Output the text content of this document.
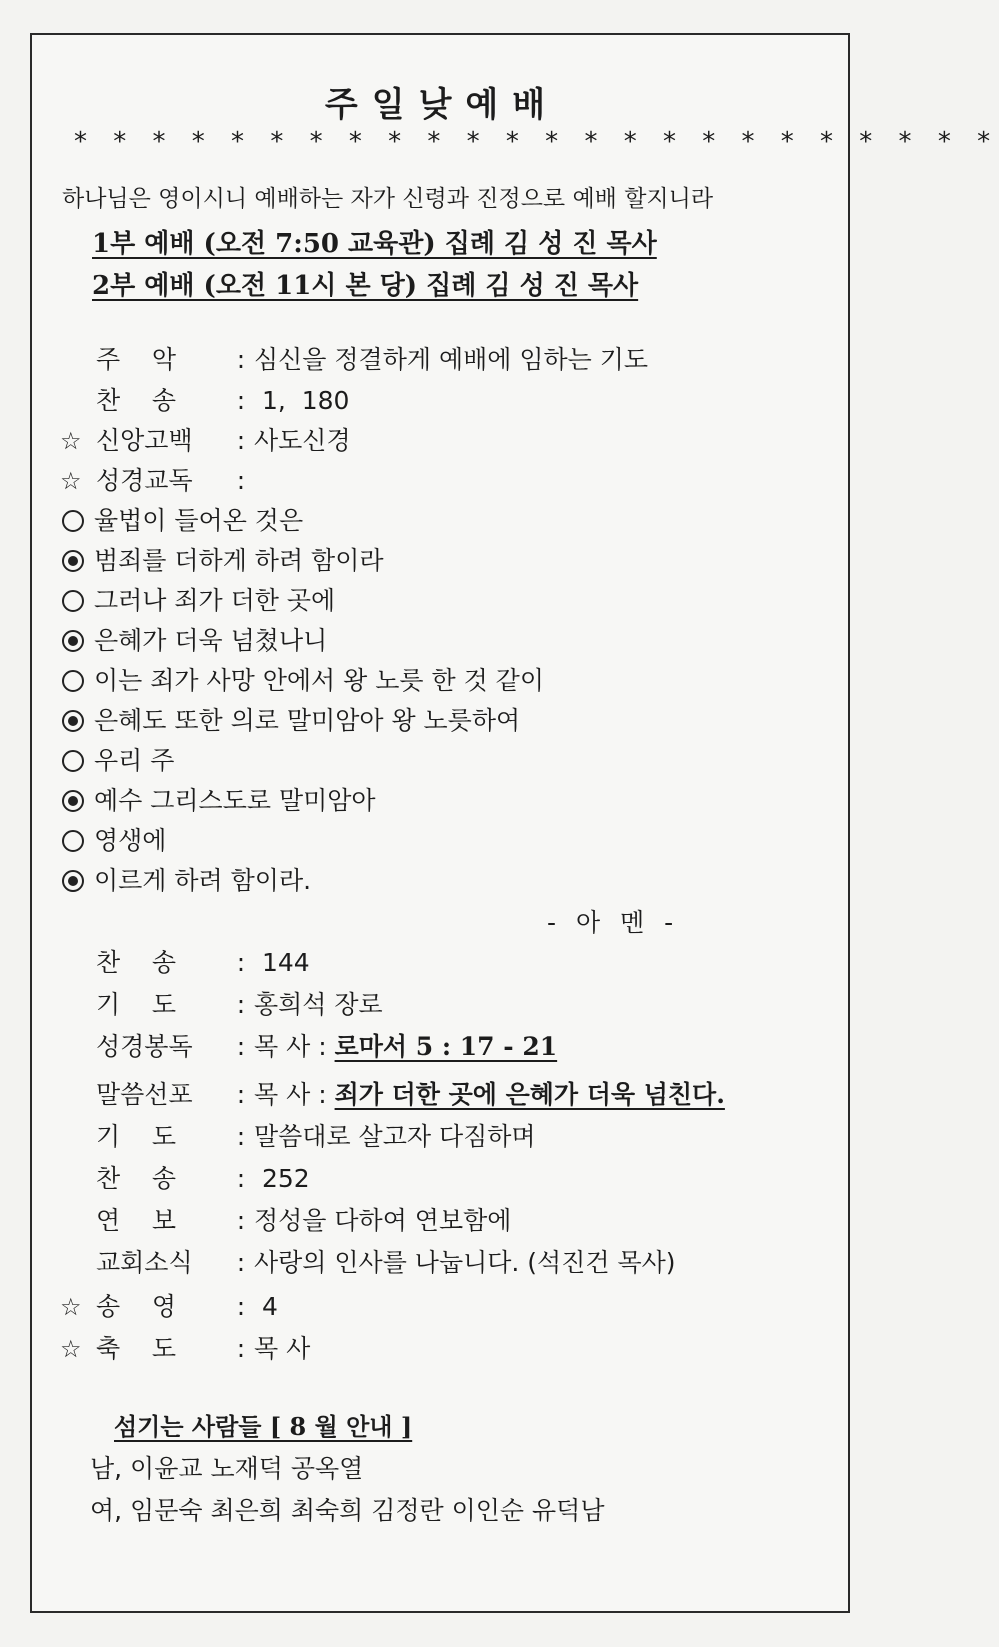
주일낮예배
* * * * * * * * * * * * * * * * * * * * * * * *
하나님은 영이시니 예배하는 자가 신령과 진정으로 예배 할지니라
1부 예배 (오전 7:50 교육관) 집례 김 성 진 목사
2부 예배 (오전 11시 본 당) 집례 김 성 진 목사
- 아 멘 -
섬기는 사람들 [ 8 월 안내 ]
남, 이윤교 노재덕 공옥열
여, 임문숙 최은희 최숙희 김정란 이인순 유덕남
주    악 : 심신을 정결하게 예배에 임하는 기도
찬    송 : 1,  180
☆ 신앙고백 : 사도신경
☆ 성경교독 :
율법이 들어온 것은
범죄를 더하게 하려 함이라
그러나 죄가 더한 곳에
은혜가 더욱 넘쳤나니
이는 죄가 사망 안에서 왕 노릇 한 것 같이
은혜도 또한 의로 말미암아 왕 노릇하여
우리 주
예수 그리스도로 말미암아
영생에
이르게 하려 함이라.
찬    송 : 144
기    도 : 홍희석 장로
성경봉독 : 목 사 : 로마서 5 : 17 - 21
말씀선포 : 목 사 : 죄가 더한 곳에 은혜가 더욱 넘친다.
기    도 : 말씀대로 살고자 다짐하며
찬    송 : 252
연    보 : 정성을 다하여 연보함에
교회소식 : 사랑의 인사를 나눕니다. (석진건 목사)
☆ 송    영 : 4
☆ 축    도 : 목 사
